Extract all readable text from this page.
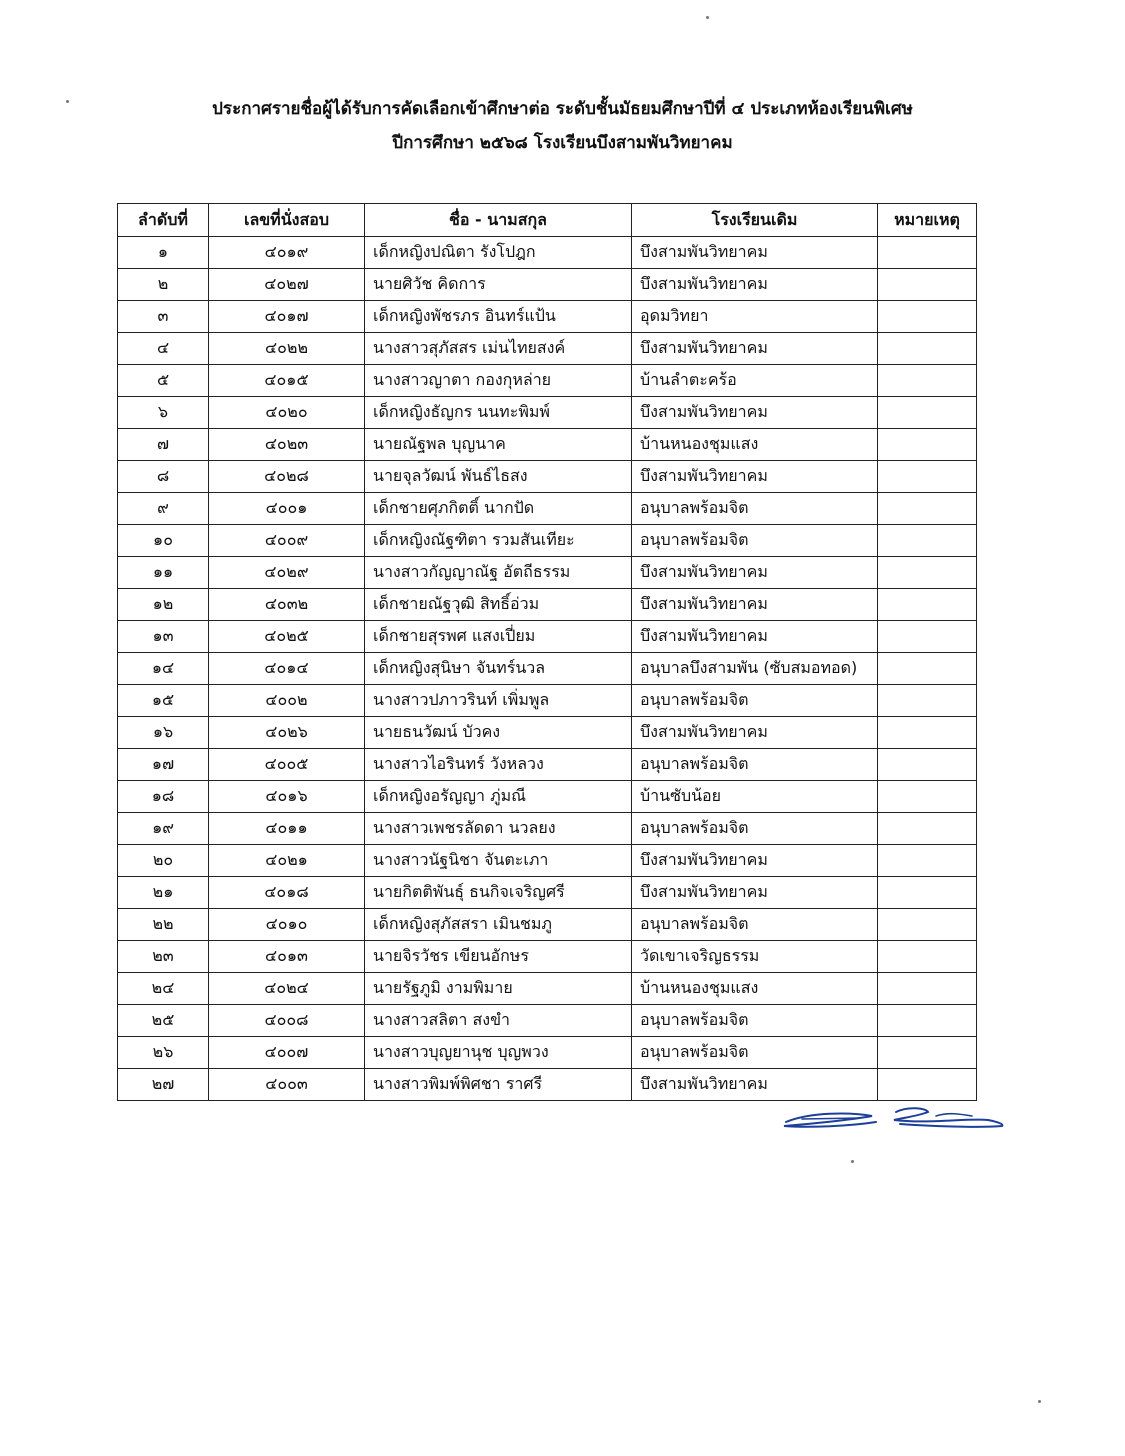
ประกาศรายชื่อผู้ได้รับการคัดเลือกเข้าศึกษาต่อ ระดับชั้นมัธยมศึกษาปีที่ ๔ ประเภทห้องเรียนพิเศษ
ปีการศึกษา ๒๕๖๘ โรงเรียนบึงสามพันวิทยาคม
ลำดับที่	เลขที่นั่งสอบ	ชื่อ - นามสกุล	โรงเรียนเดิม	หมายเหตุ
๑	๔๐๑๙	เด็กหญิงปณิตา รังโปฎก	บึงสามพันวิทยาคม	
๒	๔๐๒๗	นายศิวัช คิดการ	บึงสามพันวิทยาคม	
๓	๔๐๑๗	เด็กหญิงพัชรภร อินทร์แป้น	อุดมวิทยา	
๔	๔๐๒๒	นางสาวสุภัสสร เม่นไทยสงค์	บึงสามพันวิทยาคม	
๕	๔๐๑๕	นางสาวญาตา กองกุหล่าย	บ้านลำตะคร้อ	
๖	๔๐๒๐	เด็กหญิงธัญกร นนทะพิมพ์	บึงสามพันวิทยาคม	
๗	๔๐๒๓	นายณัฐพล บุญนาค	บ้านหนองชุมแสง	
๘	๔๐๒๘	นายจุลวัฒน์ พันธ์ไธสง	บึงสามพันวิทยาคม	
๙	๔๐๐๑	เด็กชายศุภกิตติ์ นากปัด	อนุบาลพร้อมจิต	
๑๐	๔๐๐๙	เด็กหญิงณัฐฑิตา รวมสันเทียะ	อนุบาลพร้อมจิต	
๑๑	๔๐๒๙	นางสาวกัญญาณัฐ อัตถีธรรม	บึงสามพันวิทยาคม	
๑๒	๔๐๓๒	เด็กชายณัฐวุฒิ สิทธิ์อ่วม	บึงสามพันวิทยาคม	
๑๓	๔๐๒๕	เด็กชายสุรพศ แสงเปี่ยม	บึงสามพันวิทยาคม	
๑๔	๔๐๑๔	เด็กหญิงสุนิษา จันทร์นวล	อนุบาลบึงสามพัน (ซับสมอทอด)	
๑๕	๔๐๐๒	นางสาวปภาวรินท์ เพิ่มพูล	อนุบาลพร้อมจิต	
๑๖	๔๐๒๖	นายธนวัฒน์ บัวคง	บึงสามพันวิทยาคม	
๑๗	๔๐๐๕	นางสาวไอรินทร์ วังหลวง	อนุบาลพร้อมจิต	
๑๘	๔๐๑๖	เด็กหญิงอรัญญา ภู่มณี	บ้านซับน้อย	
๑๙	๔๐๑๑	นางสาวเพชรลัดดา นวลยง	อนุบาลพร้อมจิต	
๒๐	๔๐๒๑	นางสาวนัฐนิชา จันตะเภา	บึงสามพันวิทยาคม	
๒๑	๔๐๑๘	นายกิตติพันธุ์ ธนกิจเจริญศรี	บึงสามพันวิทยาคม	
๒๒	๔๐๑๐	เด็กหญิงสุภัสสรา เมินชมภู	อนุบาลพร้อมจิต	
๒๓	๔๐๑๓	นายจิรวัชร เขียนอักษร	วัดเขาเจริญธรรม	
๒๔	๔๐๒๔	นายรัฐภูมิ งามพิมาย	บ้านหนองชุมแสง	
๒๕	๔๐๐๘	นางสาวสลิตา สงขำ	อนุบาลพร้อมจิต	
๒๖	๔๐๐๗	นางสาวบุญยานุช บุญพวง	อนุบาลพร้อมจิต	
๒๗	๔๐๐๓	นางสาวพิมพ์พิศชา ราศรี	บึงสามพันวิทยาคม	
